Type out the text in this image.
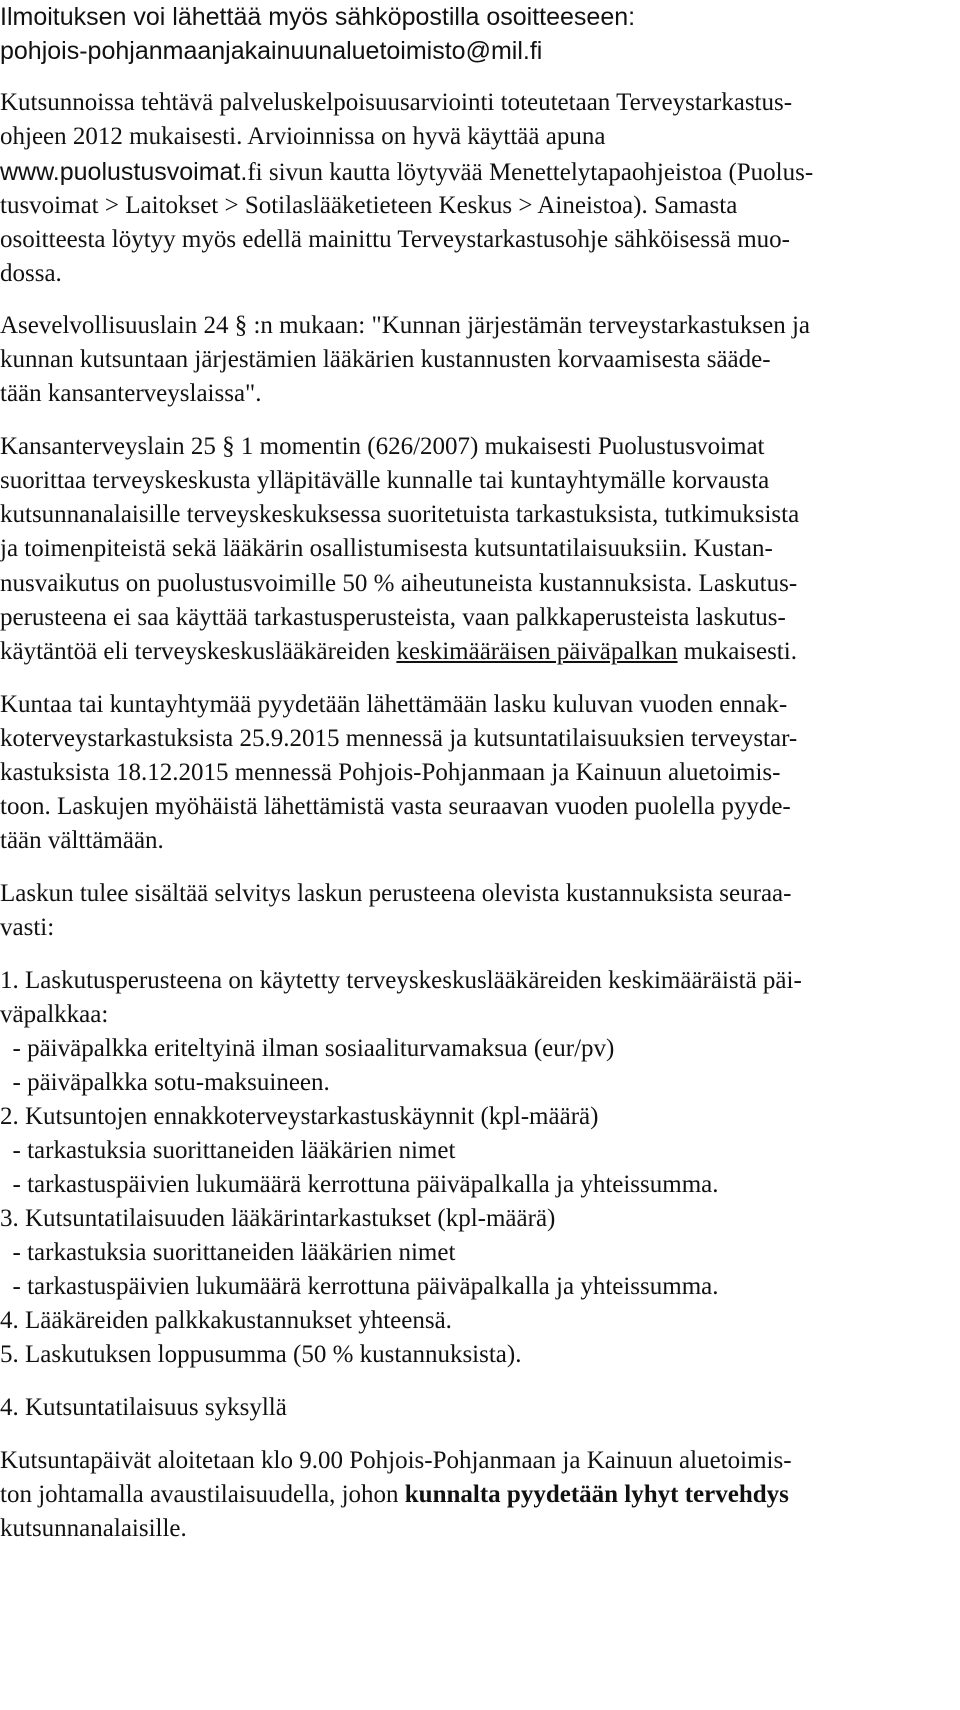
Ilmoituksen voi lähettää myös sähköpostilla osoitteeseen:
pohjois-pohjanmaanjakainuunaluetoimisto@mil.fi
Kutsunnoissa tehtävä palveluskelpoisuusarviointi toteutetaan Terveystarkastus-
ohjeen 2012 mukaisesti. Arvioinnissa on hyvä käyttää apuna
www.puolustusvoimat.fi sivun kautta löytyvää Menettelytapaohjeistoa (Puolus-
tusvoimat > Laitokset > Sotilaslääketieteen Keskus > Aineistoa). Samasta
osoitteesta löytyy myös edellä mainittu Terveystarkastusohje sähköisessä muo-
dossa.
Asevelvollisuuslain 24 § :n mukaan: "Kunnan järjestämän terveystarkastuksen ja
kunnan kutsuntaan järjestämien lääkärien kustannusten korvaamisesta sääde-
tään kansanterveyslaissa".
Kansanterveyslain 25 § 1 momentin (626/2007) mukaisesti Puolustusvoimat
suorittaa terveyskeskusta ylläpitävälle kunnalle tai kuntayhtymälle korvausta
kutsunnanalaisille terveyskeskuksessa suoritetuista tarkastuksista, tutkimuksista
ja toimenpiteistä sekä lääkärin osallistumisesta kutsuntatilaisuuksiin. Kustan-
nusvaikutus on puolustusvoimille 50 % aiheutuneista kustannuksista. Laskutus-
perusteena ei saa käyttää tarkastusperusteista, vaan palkkaperusteista laskutus-
käytäntöä eli terveyskeskuslääkäreiden keskimääräisen päiväpalkan mukaisesti.
Kuntaa tai kuntayhtymää pyydetään lähettämään lasku kuluvan vuoden ennak-
koterveystarkastuksista 25.9.2015 mennessä ja kutsuntatilaisuuksien terveystar-
kastuksista 18.12.2015 mennessä Pohjois-Pohjanmaan ja Kainuun aluetoimis-
toon. Laskujen myöhäistä lähettämistä vasta seuraavan vuoden puolella pyyde-
tään välttämään.
Laskun tulee sisältää selvitys laskun perusteena olevista kustannuksista seuraa-
vasti:
1. Laskutusperusteena on käytetty terveyskeskuslääkäreiden keskimääräistä päi-
väpalkkaa:
- päiväpalkka eriteltyinä ilman sosiaaliturvamaksua (eur/pv)
- päiväpalkka sotu-maksuineen.
2. Kutsuntojen ennakkoterveystarkastuskäynnit (kpl-määrä)
- tarkastuksia suorittaneiden lääkärien nimet
- tarkastuspäivien lukumäärä kerrottuna päiväpalkalla ja yhteissumma.
3. Kutsuntatilaisuuden lääkärintarkastukset (kpl-määrä)
- tarkastuksia suorittaneiden lääkärien nimet
- tarkastuspäivien lukumäärä kerrottuna päiväpalkalla ja yhteissumma.
4. Lääkäreiden palkkakustannukset yhteensä.
5. Laskutuksen loppusumma (50 % kustannuksista).
4. Kutsuntatilaisuus syksyllä
Kutsuntapäivät aloitetaan klo 9.00 Pohjois-Pohjanmaan ja Kainuun aluetoimis-
ton johtamalla avaustilaisuudella, johon kunnalta pyydetään lyhyt tervehdys
kutsunnanalaisille.
